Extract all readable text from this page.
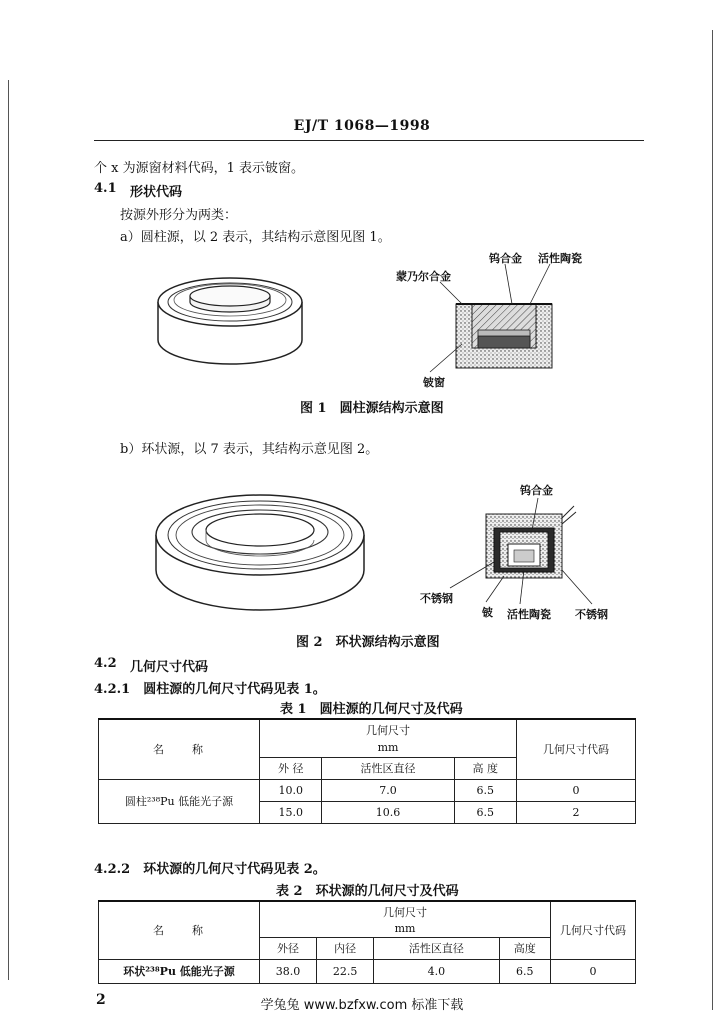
EJ/T 1068—1998
个 x 为源窗材料代码，1 表示铍窗。
4.1 形状代码
按源外形分为两类：
a）圆柱源，以 2 表示，其结构示意图见图 1。
钨合金 活性陶瓷
蒙乃尔合金
铍窗
图 1　圆柱源结构示意图
b）环状源，以 7 表示，其结构示意见图 2。
钨合金
不锈钢
铍 活性陶瓷 不锈钢
图 2　环状源结构示意图
4.2 几何尺寸代码
4.2.1　圆柱源的几何尺寸代码见表 1。
表 1　圆柱源的几何尺寸及代码
名　　称	几何尺寸			几何尺寸代码
	mm			
	外 径	活性区直径	高 度	
圆柱²³⁸Pu 低能光子源	10.0	7.0	6.5	0
	15.0	10.6	6.5	2
4.2.2　环状源的几何尺寸代码见表 2。
表 2　环状源的几何尺寸及代码
名　　称	几何尺寸				几何尺寸代码
	mm				
	外径	内径	活性区直径	高度	
环状²³⁸Pu 低能光子源	38.0	22.5	4.0	6.5	0
2	学兔兔 www.bzfxw.com 标准下载
